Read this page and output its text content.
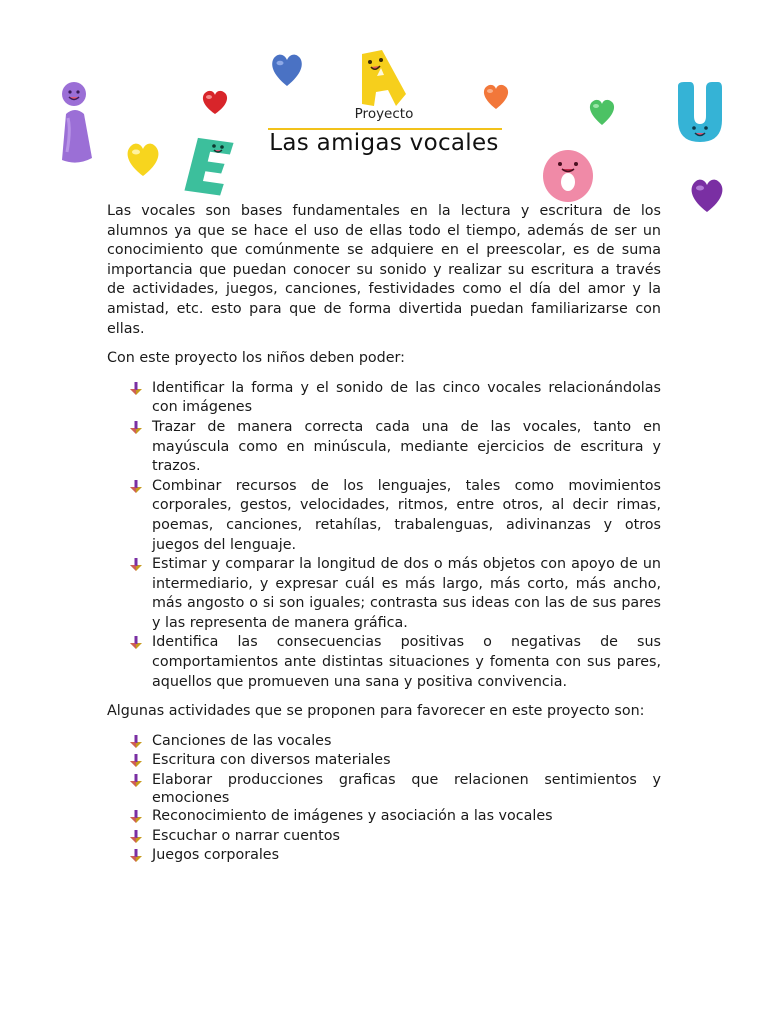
Proyecto
Las amigas vocales

Las vocales son bases fundamentales en la lectura y escritura de los alumnos ya que se hace el uso de ellas todo el tiempo, además de ser un conocimiento que comúnmente se adquiere en el preescolar, es de suma importancia que puedan conocer su sonido y realizar su escritura a través de actividades, juegos, canciones, festividades como el día del amor y la amistad, etc. esto para que de forma divertida puedan familiarizarse con ellas.

Con este proyecto los niños deben poder:

Identificar la forma y el sonido de las cinco vocales relacionándolas con imágenes
Trazar de manera correcta cada una de las vocales, tanto en mayúscula como en minúscula, mediante ejercicios de escritura y trazos.
Combinar recursos de los lenguajes, tales como movimientos corporales, gestos, velocidades, ritmos, entre otros, al decir rimas, poemas, canciones, retahílas, trabalenguas, adivinanzas y otros juegos del lenguaje.
Estimar y comparar la longitud de dos o más objetos con apoyo de un intermediario, y expresar cuál es más largo, más corto, más ancho, más angosto o si son iguales; contrasta sus ideas con las de sus pares y las representa de manera gráfica.
Identifica las consecuencias positivas o negativas de sus comportamientos ante distintas situaciones y fomenta con sus pares, aquellos que promueven una sana y positiva convivencia.

Algunas actividades que se proponen para favorecer en este proyecto son:

Canciones de las vocales
Escritura con diversos materiales
Elaborar producciones graficas que relacionen sentimientos y emociones
Reconocimiento de imágenes y asociación a las vocales
Escuchar o narrar cuentos
Juegos corporales
